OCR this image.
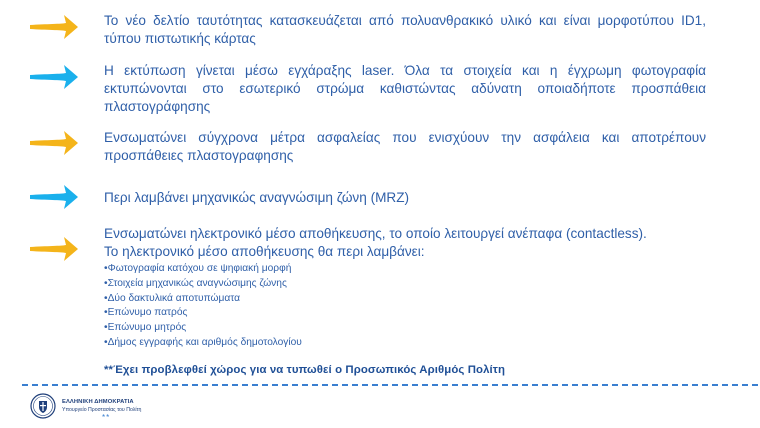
Το νέο δελτίο ταυτότητας κατασκευάζεται από πολυανθρακικό υλικό και είναι μορφοτύπου ID1, τύπου πιστωτικής κάρτας
Η εκτύπωση γίνεται μέσω εγχάραξης laser. Όλα τα στοιχεία και η έγχρωμη φωτογραφία εκτυπώνονται στο εσωτερικό στρώμα καθιστώντας αδύνατη οποιαδήποτε προσπάθεια πλαστογράφησης
Ενσωματώνει σύγχρονα μέτρα ασφαλείας που ενισχύουν την ασφάλεια και αποτρέπουν προσπάθειες πλαστογραφησης
Περι λαμβάνει μηχανικώς αναγνώσιμη ζώνη (MRZ)
Ενσωματώνει ηλεκτρονικό μέσο αποθήκευσης, το οποίο λειτουργεί ανέπαφα (contactless). Το ηλεκτρονικό μέσο αποθήκευσης θα περι λαμβάνει:
•Φωτογραφία κατόχου σε ψηφιακή μορφή
•Στοιχεία μηχανικώς αναγνώσιμης ζώνης
•Δύο δακτυλικά αποτυπώματα
•Επώνυμο πατρός
•Επώνυμο μητρός
•Δήμος εγγραφής και αριθμός δημοτολογίου
**Έχει προβλεφθεί χώρος για να τυπωθεί ο Προσωπικός Αριθμός Πολίτη
ΕΛΛΗΝΙΚΗ ΔΗΜΟΚΡΑΤΙΑ
Υπουργείο Προστασίας του Πολίτη
**
